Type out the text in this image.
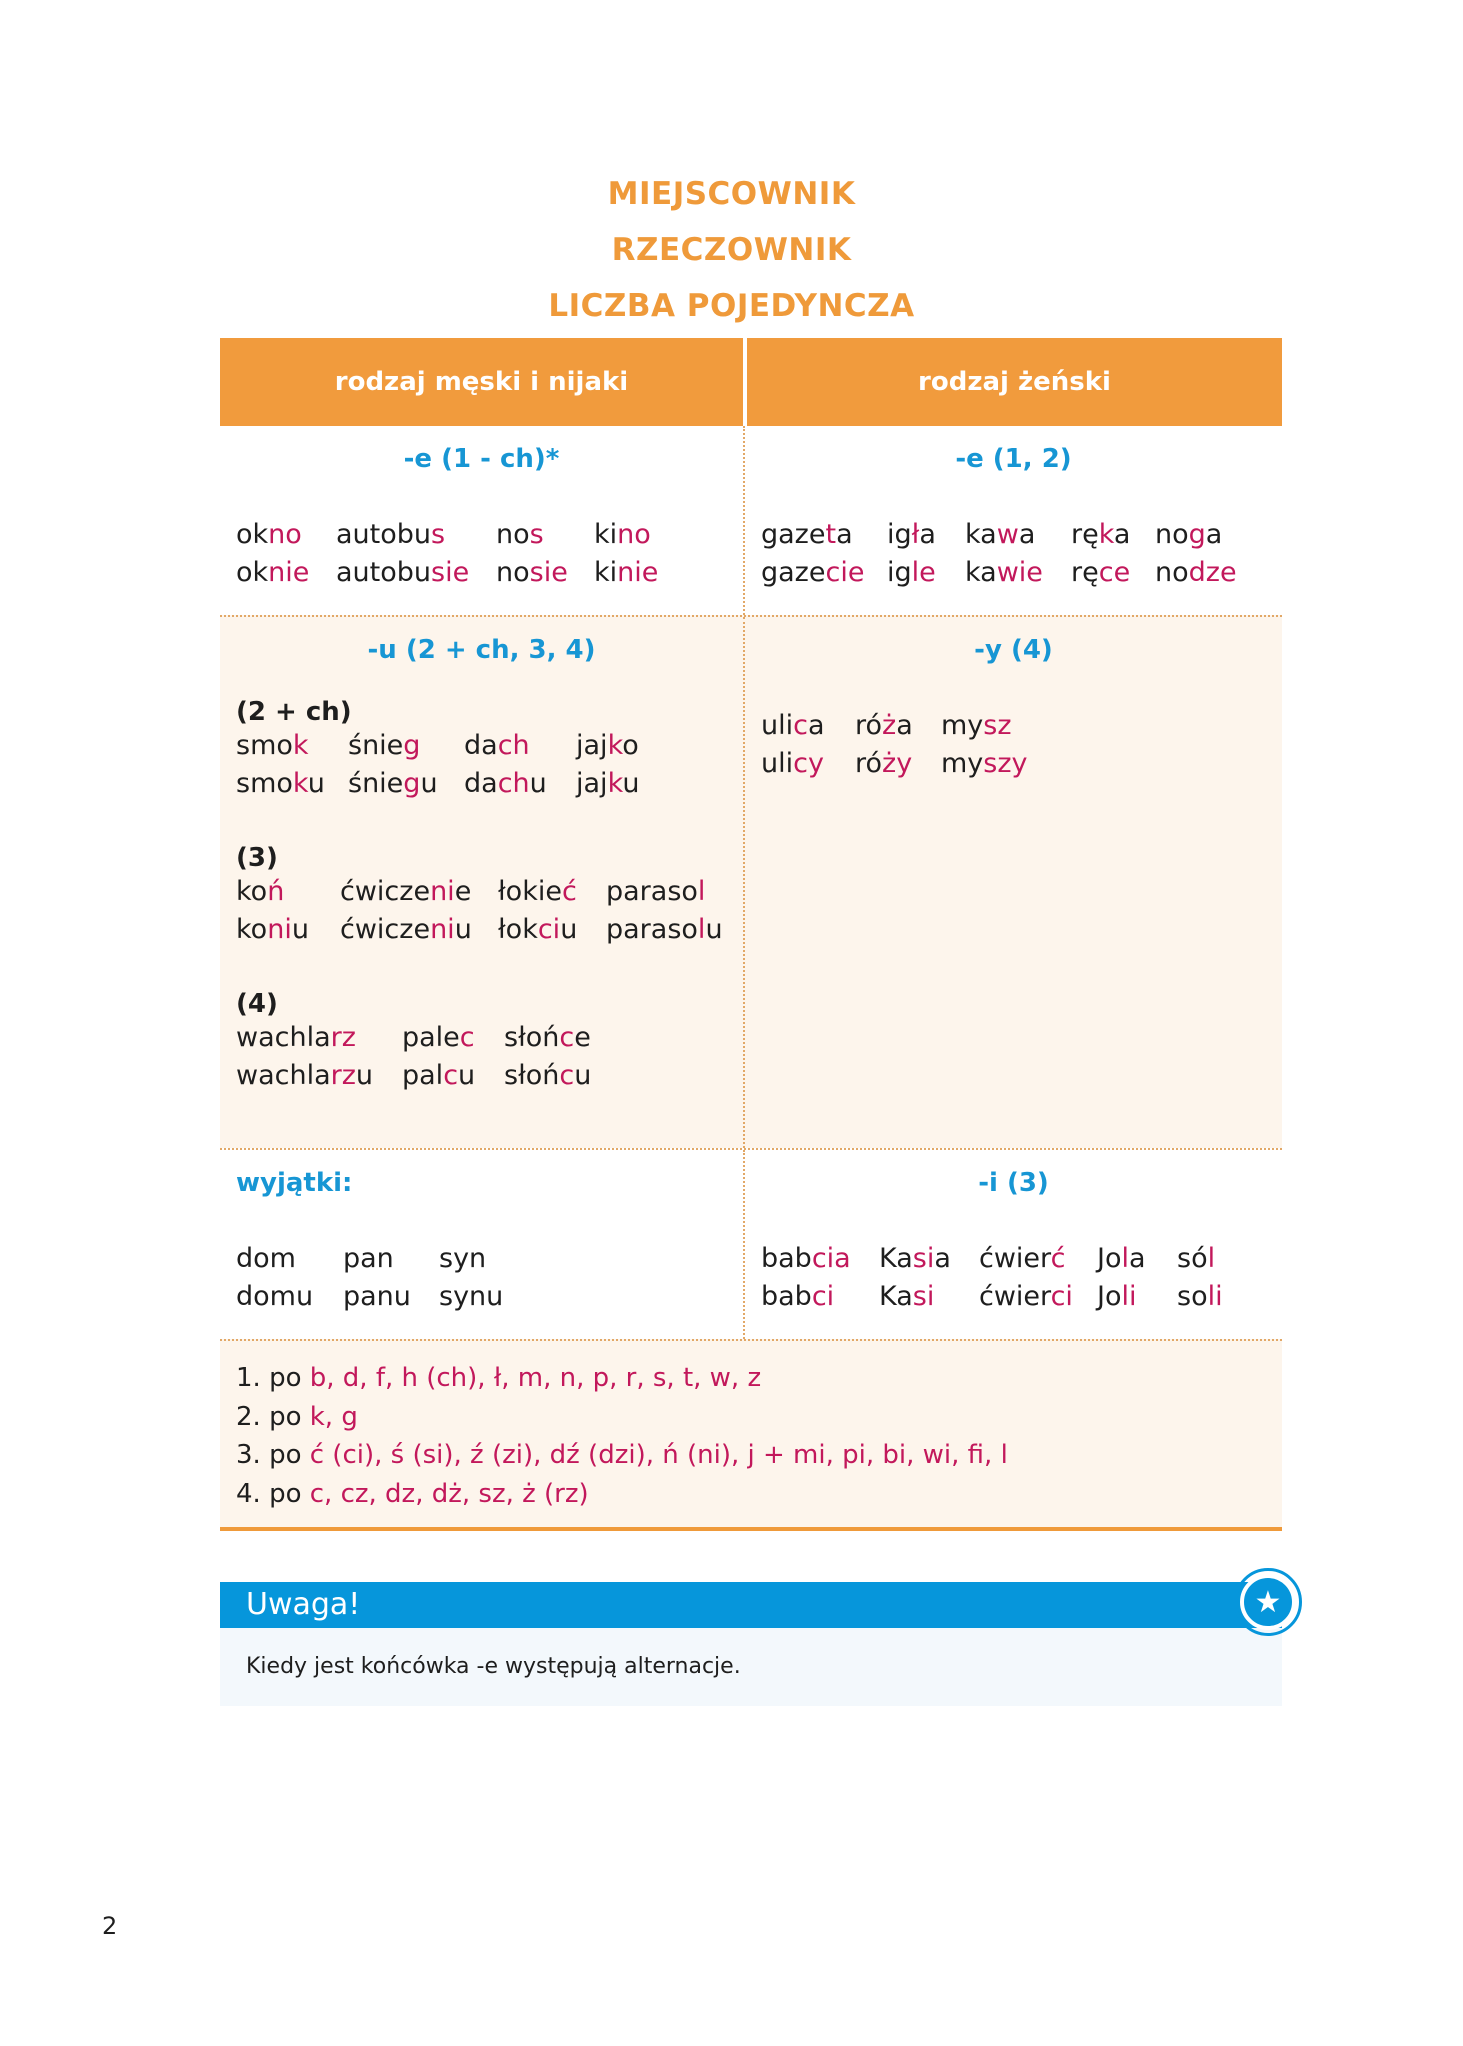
MIEJSCOWNIK
RZECZOWNIK
LICZBA POJEDYNCZA
rodzaj męski i nijaki	rodzaj żeński
-e (1 - ch)*
okno	autobus	nos	kino
oknie autobusie nosie kinie
-e (1, 2)
gazeta	igła	kawa	ręka noga
gazecie igle	kawie	ręce nodze
-u (2 + ch, 3, 4)
(2 + ch)
smok	śnieg	dach	jajko
smoku śniegu dachu	jajku
(3)
koń	ćwiczenie łokieć	parasol
koniu	ćwiczeniu łokciu	parasolu
(4)
wachlarz	palec	słońce
wachlarzu	palcu	słońcu
-y (4)
ulica	róża	mysz
ulicy	róży	myszy
wyjątki:
dom	pan	syn
domu	panu	synu
-i (3)
babcia	Kasia	ćwierć	Jola	sól
babci	Kasi	ćwierci Joli	soli
1. po b, d, f, h (ch), ł, m, n, p, r, s, t, w, z
2. po k, g
3. po ć (ci), ś (si), ź (zi), dź (dzi), ń (ni), j + mi, pi, bi, wi, fi, l
4. po c, cz, dz, dż, sz, ż (rz)
Uwaga!
Kiedy jest końcówka -e występują alternacje.
★
2
